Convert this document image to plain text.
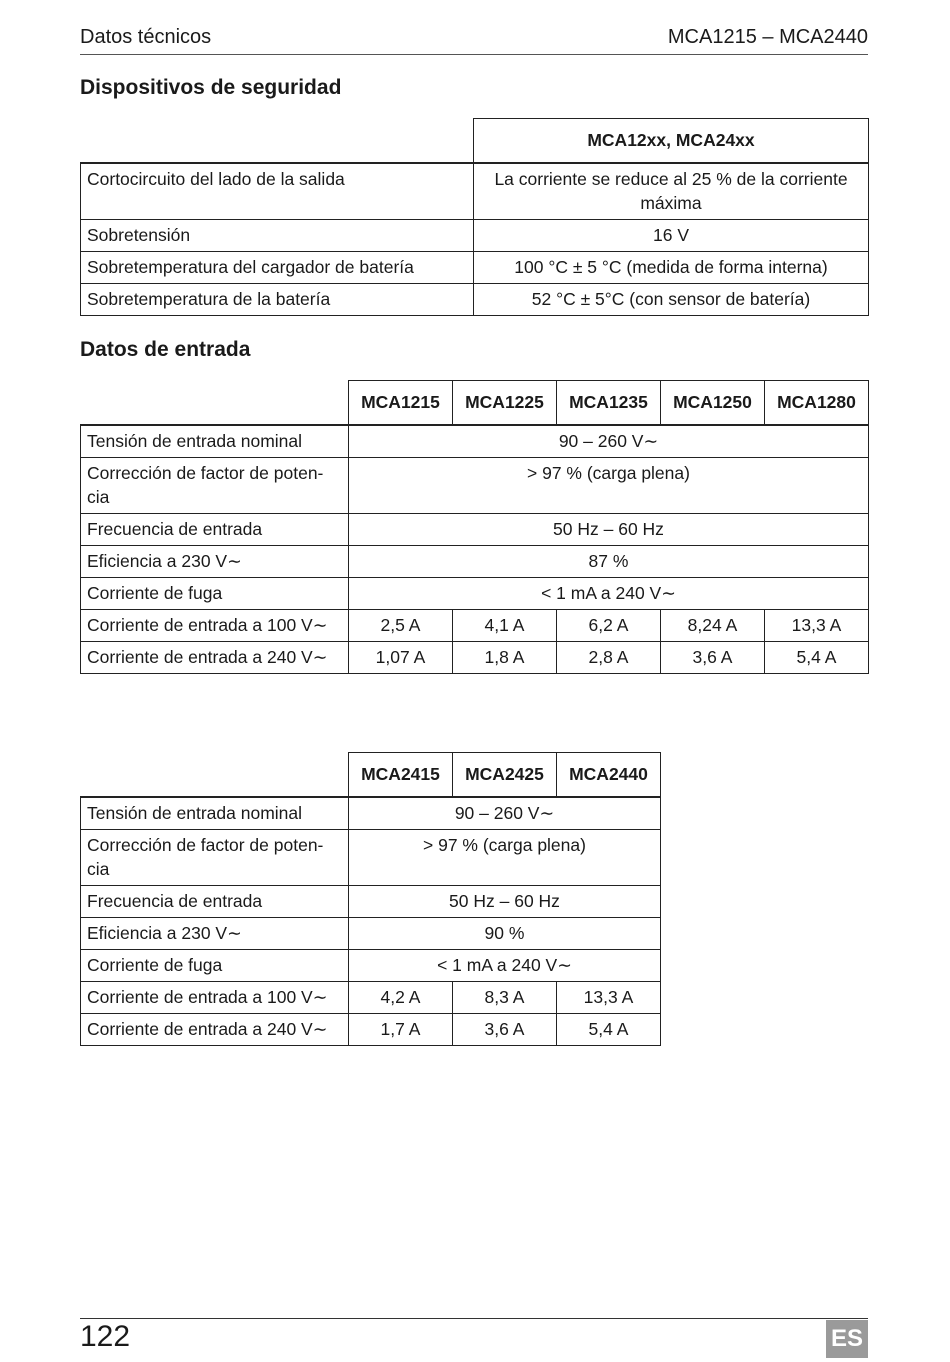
Datos técnicos	MCA1215 – MCA2440
Dispositivos de seguridad
	MCA12xx, MCA24xx
Cortocircuito del lado de la salida	La corriente se reduce al 25 % de la corriente máxima
Sobretensión	16 V
Sobretemperatura del cargador de batería	100 °C ± 5 °C (medida de forma interna)
Sobretemperatura de la batería	52 °C ± 5°C (con sensor de batería)
Datos de entrada
	MCA1215	MCA1225	MCA1235	MCA1250	MCA1280
Tensión de entrada nominal	90 – 260 V∼				
Corrección de factor de poten-cia	> 97 % (carga plena)				
Frecuencia de entrada	50 Hz – 60 Hz				
Eficiencia a 230 V∼	87 %				
Corriente de fuga	< 1 mA a 240 V∼				
Corriente de entrada a 100 V∼	2,5 A	4,1 A	6,2 A	8,24 A	13,3 A
Corriente de entrada a 240 V∼	1,07 A	1,8 A	2,8 A	3,6 A	5,4 A
	MCA2415	MCA2425	MCA2440
Tensión de entrada nominal	90 – 260 V∼		
Corrección de factor de poten-cia	> 97 % (carga plena)		
Frecuencia de entrada	50 Hz – 60 Hz		
Eficiencia a 230 V∼	90 %		
Corriente de fuga	< 1 mA a 240 V∼		
Corriente de entrada a 100 V∼	4,2 A	8,3 A	13,3 A
Corriente de entrada a 240 V∼	1,7 A	3,6 A	5,4 A
122	ES
